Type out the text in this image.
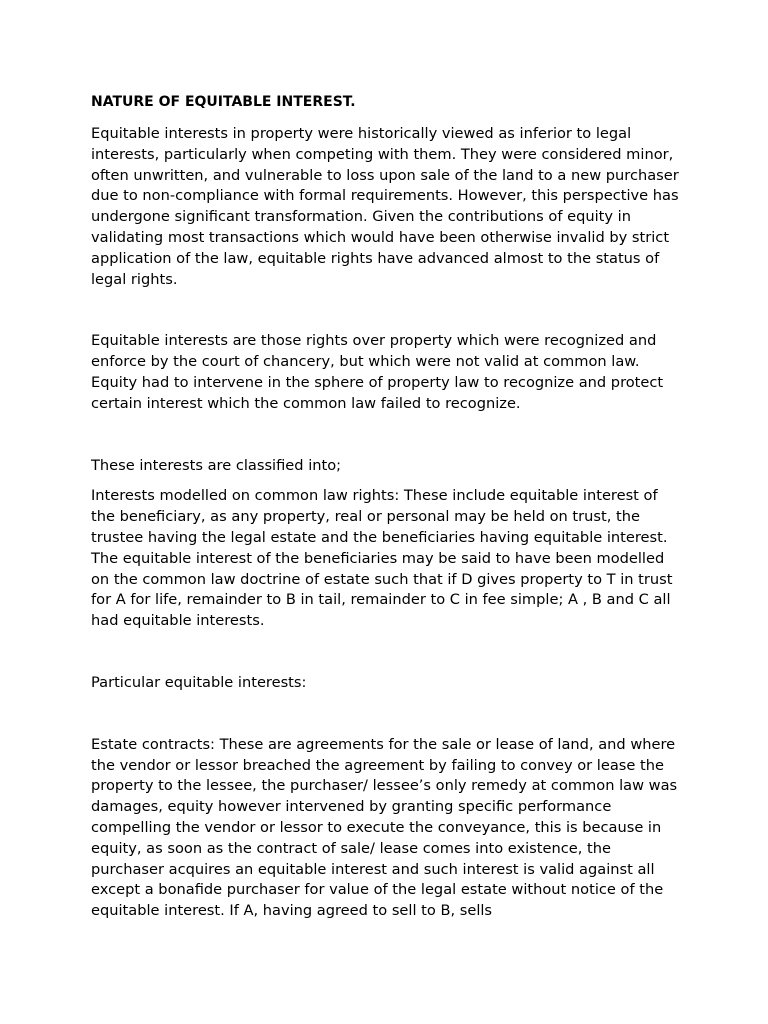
NATURE OF EQUITABLE INTEREST.

Equitable interests in property were historically viewed as inferior to legal interests, particularly when competing with them. They were considered minor, often unwritten, and vulnerable to loss upon sale of the land to a new purchaser due to non-compliance with formal requirements. However, this perspective has undergone significant transformation. Given the contributions of equity in validating most transactions which would have been otherwise invalid by strict application of the law, equitable rights have advanced almost to the status of legal rights.

Equitable interests are those rights over property which were recognized and enforce by the court of chancery, but which were not valid at common law. Equity had to intervene in the sphere of property law to recognize and protect certain interest which the common law failed to recognize.

These interests are classified into;

Interests modelled on common law rights: These include equitable interest of the beneficiary, as any property, real or personal may be held on trust, the trustee having the legal estate and the beneficiaries having equitable interest. The equitable interest of the beneficiaries may be said to have been modelled on the common law doctrine of estate such that if D gives property to T in trust for A for life, remainder to B in tail, remainder to C in fee simple; A , B and C all had equitable interests.

Particular equitable interests:

Estate contracts: These are agreements for the sale or lease of land, and where the vendor or lessor breached the agreement by failing to convey or lease the property to the lessee, the purchaser/ lessee’s only remedy at common law was damages, equity however intervened by granting specific performance compelling the vendor or lessor to execute the conveyance, this is because in equity, as soon as the contract of sale/ lease comes into existence, the purchaser acquires an equitable interest and such interest is valid against all except a bonafide purchaser for value of the legal estate without notice of the equitable interest. If A, having agreed to sell to B, sells
